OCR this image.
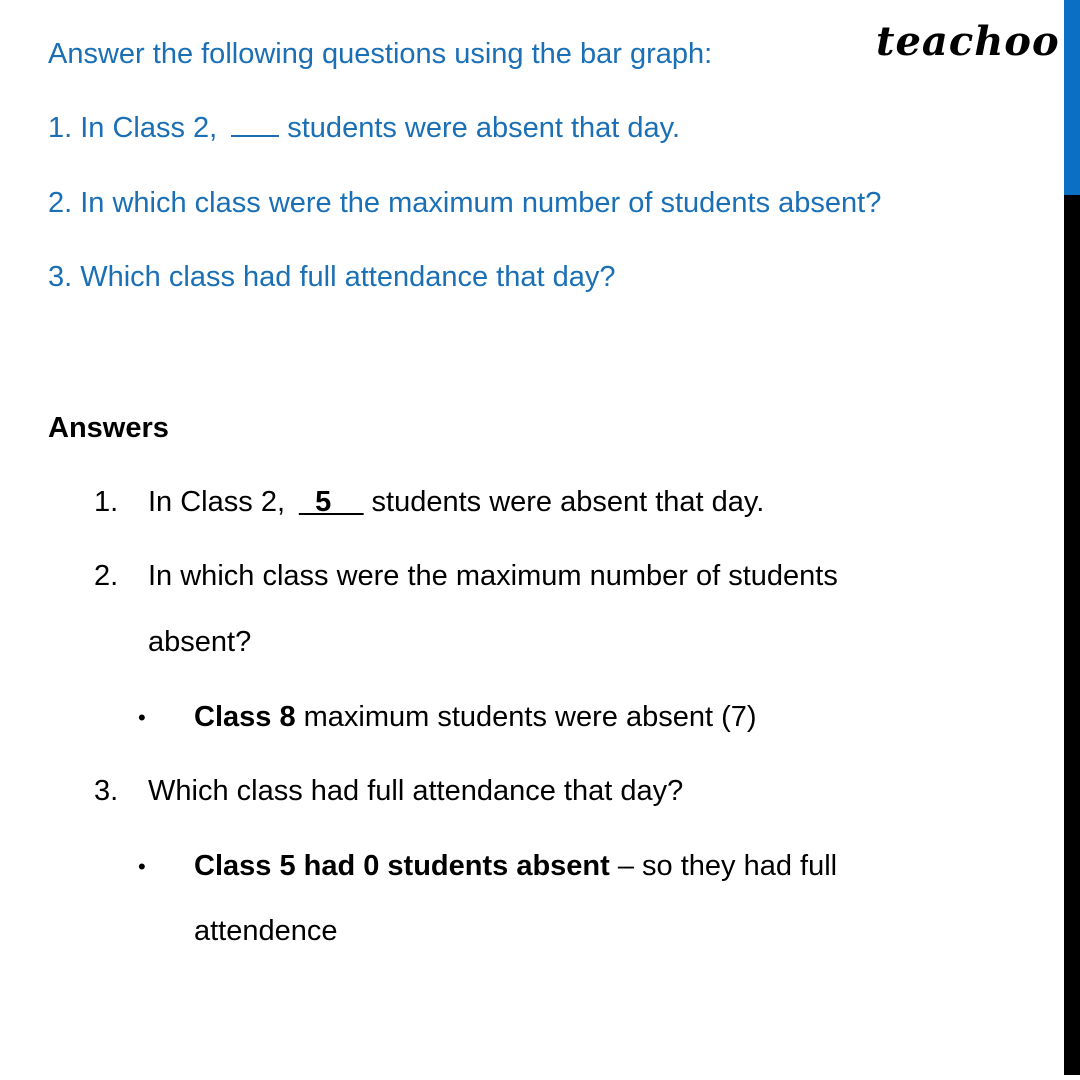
teachoo
Answer the following questions using the bar graph:
1. In Class 2, students were absent that day.
2. In which class were the maximum number of students absent?
3. Which class had full attendance that day?
Answers
1. In Class 2, _5__ students were absent that day.
2. In which class were the maximum number of students
absent?
• Class 8 maximum students were absent (7)
3. Which class had full attendance that day?
• Class 5 had 0 students absent – so they had full
attendence
